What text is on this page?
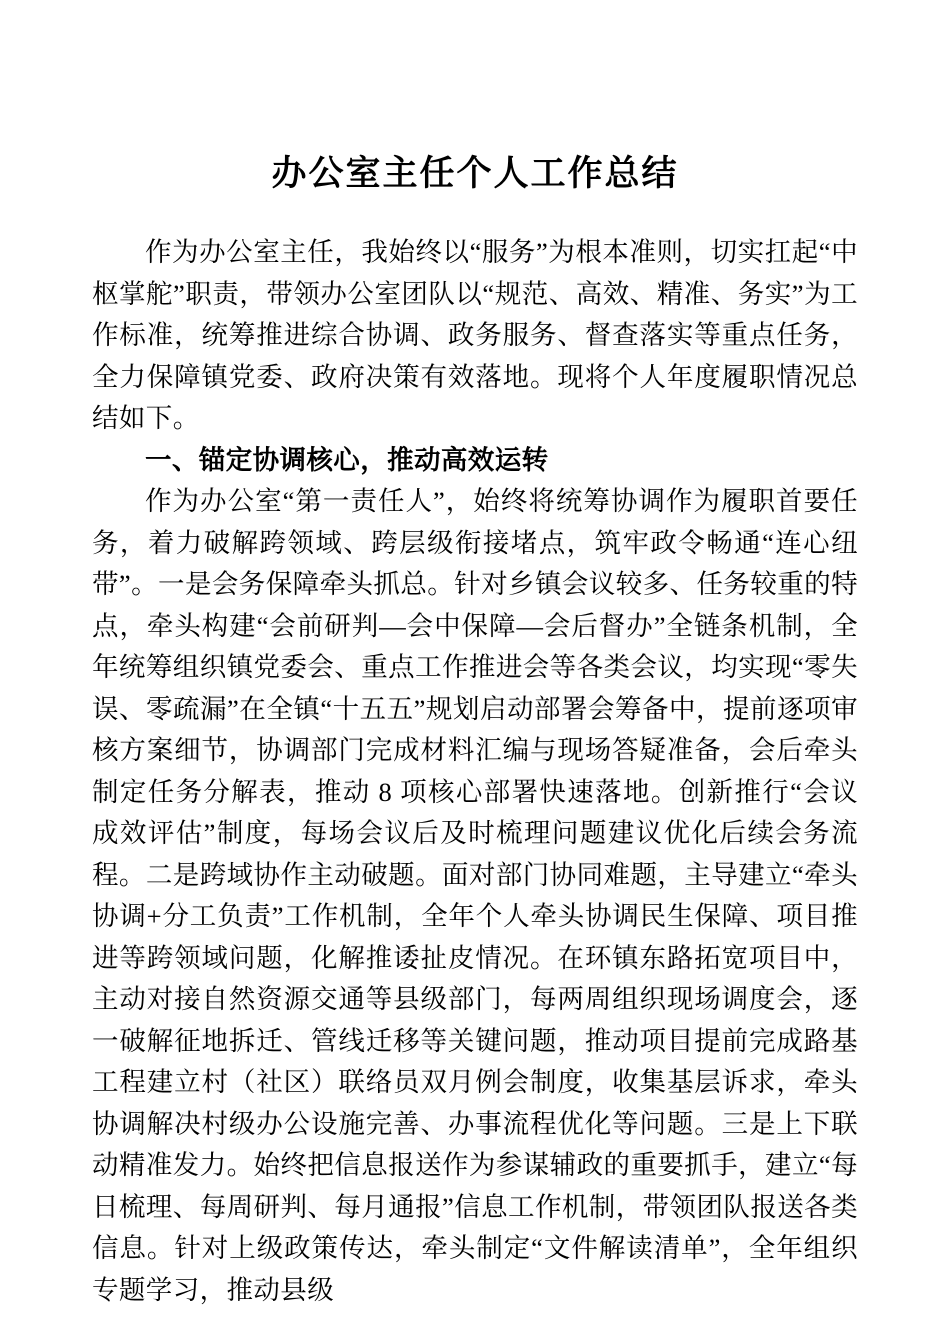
办公室主任个人工作总结

作为办公室主任，我始终以“服务”为根本准则，切实扛起“中枢掌舵”职责，带领办公室团队以“规范、高效、精准、务实”为工作标准，统筹推进综合协调、政务服务、督查落实等重点任务，全力保障镇党委、政府决策有效落地。现将个人年度履职情况总结如下。

一、锚定协调核心，推动高效运转

作为办公室“第一责任人”，始终将统筹协调作为履职首要任务，着力破解跨领域、跨层级衔接堵点，筑牢政令畅通“连心纽带”。一是会务保障牵头抓总。针对乡镇会议较多、任务较重的特点，牵头构建“会前研判—会中保障—会后督办”全链条机制，全年统筹组织镇党委会、重点工作推进会等各类会议，均实现“零失误、零疏漏”在全镇“十五五”规划启动部署会筹备中，提前逐项审核方案细节，协调部门完成材料汇编与现场答疑准备，会后牵头制定任务分解表，推动 8 项核心部署快速落地。创新推行“会议成效评估”制度，每场会议后及时梳理问题建议优化后续会务流程。二是跨域协作主动破题。面对部门协同难题，主导建立“牵头协调+分工负责”工作机制，全年个人牵头协调民生保障、项目推进等跨领域问题，化解推诿扯皮情况。在环镇东路拓宽项目中，主动对接自然资源交通等县级部门，每两周组织现场调度会，逐一破解征地拆迁、管线迁移等关键问题，推动项目提前完成路基工程建立村（社区）联络员双月例会制度，收集基层诉求，牵头协调解决村级办公设施完善、办事流程优化等问题。三是上下联动精准发力。始终把信息报送作为参谋辅政的重要抓手，建立“每日梳理、每周研判、每月通报”信息工作机制，带领团队报送各类信息。针对上级政策传达，牵头制定“文件解读清单”，全年组织专题学习，推动县级
